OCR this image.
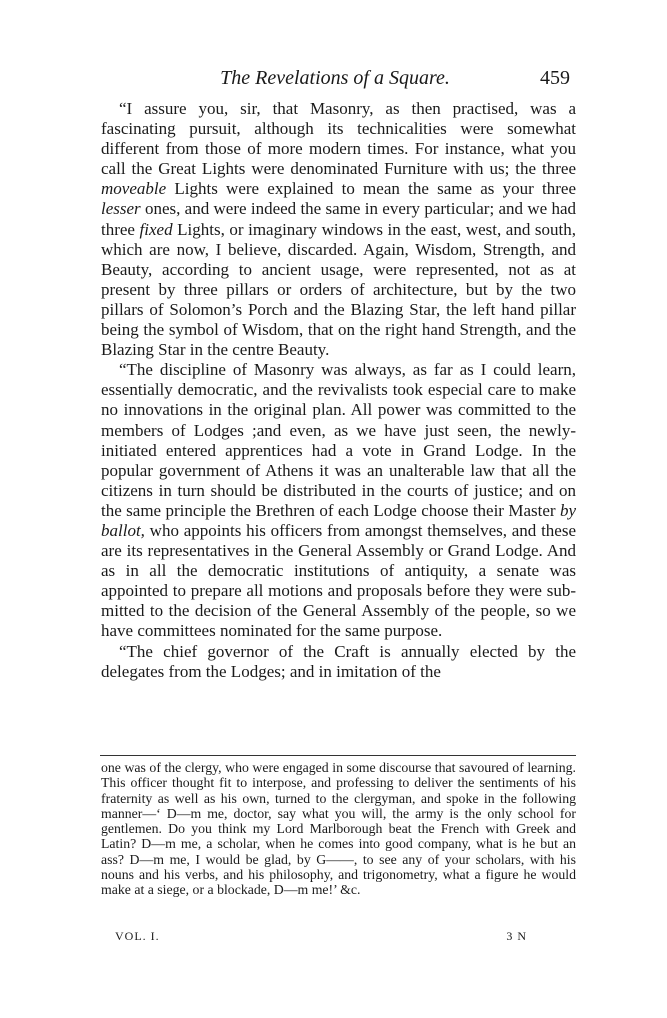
The Revelations of a Square.	459

“I assure you, sir, that Masonry, as then practised, was a fascinating pursuit, although its technicalities were somewhat different from those of more modern times. For instance, what you call the Great Lights were denominated Furniture with us; the three moveable Lights were explained to mean the same as your three lesser ones, and were indeed the same in every particular; and we had three fixed Lights, or imaginary windows in the east, west, and south, which are now, I believe, discarded. Again, Wisdom, Strength, and Beauty, according to ancient usage, were represented, not as at present by three pillars or orders of architecture, but by the two pillars of Solomon’s Porch and the Blazing Star, the left hand pillar being the symbol of Wisdom, that on the right hand Strength, and the Blazing Star in the centre Beauty.

“The discipline of Masonry was always, as far as I could learn, essentially democratic, and the revivalists took especial care to make no innovations in the original plan. All power was committed to the members of Lodges ;and even, as we have just seen, the newly-initiated entered apprentices had a vote in Grand Lodge. In the popular government of Athens it was an unalterable law that all the citizens in turn should be distributed in the courts of justice; and on the same principle the Brethren of each Lodge choose their Master by ballot, who appoints his officers from amongst themselves, and these are its representatives in the General Assembly or Grand Lodge. And as in all the democratic institutions of antiquity, a senate was appointed to prepare all motions and proposals before they were submitted to the decision of the General Assembly of the people, so we have committees nominated for the same purpose.

“The chief governor of the Craft is annually elected by the delegates from the Lodges; and in imitation of the

one was of the clergy, who were engaged in some discourse that savoured of learning. This officer thought fit to interpose, and professing to deliver the sentiments of his fraternity as well as his own, turned to the clergyman, and spoke in the following manner—‘ D—m me, doctor, say what you will, the army is the only school for gentlemen. Do you think my Lord Marlborough beat the French with Greek and Latin? D—m me, a scholar, when he comes into good company, what is he but an ass? D—m me, I would be glad, by G——, to see any of your scholars, with his nouns and his verbs, and his philosophy, and trigonometry, what a figure he would make at a siege, or a blockade, D—m me!’ &c.

VOL. I.	3 N
